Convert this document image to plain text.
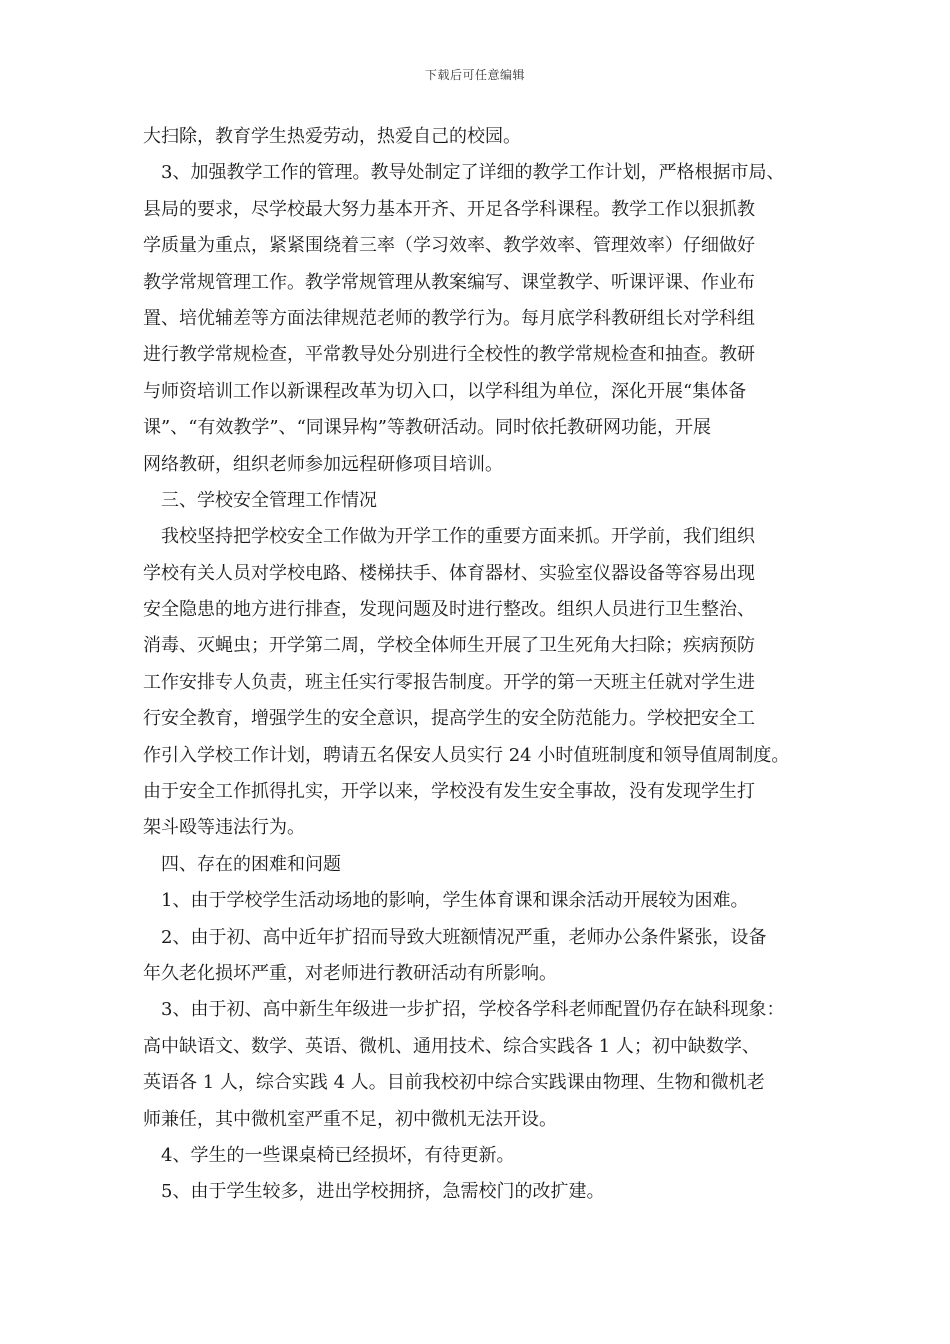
下载后可任意编辑
大扫除，教育学生热爱劳动，热爱自己的校园。
3、加强教学工作的管理。教导处制定了详细的教学工作计划，严格根据市局、
县局的要求，尽学校最大努力基本开齐、开足各学科课程。教学工作以狠抓教
学质量为重点，紧紧围绕着三率（学习效率、教学效率、管理效率）仔细做好
教学常规管理工作。教学常规管理从教案编写、课堂教学、听课评课、作业布
置、培优辅差等方面法律规范老师的教学行为。每月底学科教研组长对学科组
进行教学常规检查，平常教导处分别进行全校性的教学常规检查和抽查。教研
与师资培训工作以新课程改革为切入口，以学科组为单位，深化开展“集体备
课”、“有效教学”、“同课异构”等教研活动。同时依托教研网功能，开展
网络教研，组织老师参加远程研修项目培训。
三、学校安全管理工作情况
我校坚持把学校安全工作做为开学工作的重要方面来抓。开学前，我们组织
学校有关人员对学校电路、楼梯扶手、体育器材、实验室仪器设备等容易出现
安全隐患的地方进行排查，发现问题及时进行整改。组织人员进行卫生整治、
消毒、灭蝇虫；开学第二周，学校全体师生开展了卫生死角大扫除；疾病预防
工作安排专人负责，班主任实行零报告制度。开学的第一天班主任就对学生进
行安全教育，增强学生的安全意识，提高学生的安全防范能力。学校把安全工
作引入学校工作计划，聘请五名保安人员实行 24 小时值班制度和领导值周制度。
由于安全工作抓得扎实，开学以来，学校没有发生安全事故，没有发现学生打
架斗殴等违法行为。
四、存在的困难和问题
1、由于学校学生活动场地的影响，学生体育课和课余活动开展较为困难。
2、由于初、高中近年扩招而导致大班额情况严重，老师办公条件紧张，设备
年久老化损坏严重，对老师进行教研活动有所影响。
3、由于初、高中新生年级进一步扩招，学校各学科老师配置仍存在缺科现象：
高中缺语文、数学、英语、微机、通用技术、综合实践各 1 人；初中缺数学、
英语各 1 人，综合实践 4 人。目前我校初中综合实践课由物理、生物和微机老
师兼任，其中微机室严重不足，初中微机无法开设。
4、学生的一些课桌椅已经损坏，有待更新。
5、由于学生较多，进出学校拥挤，急需校门的改扩建。
